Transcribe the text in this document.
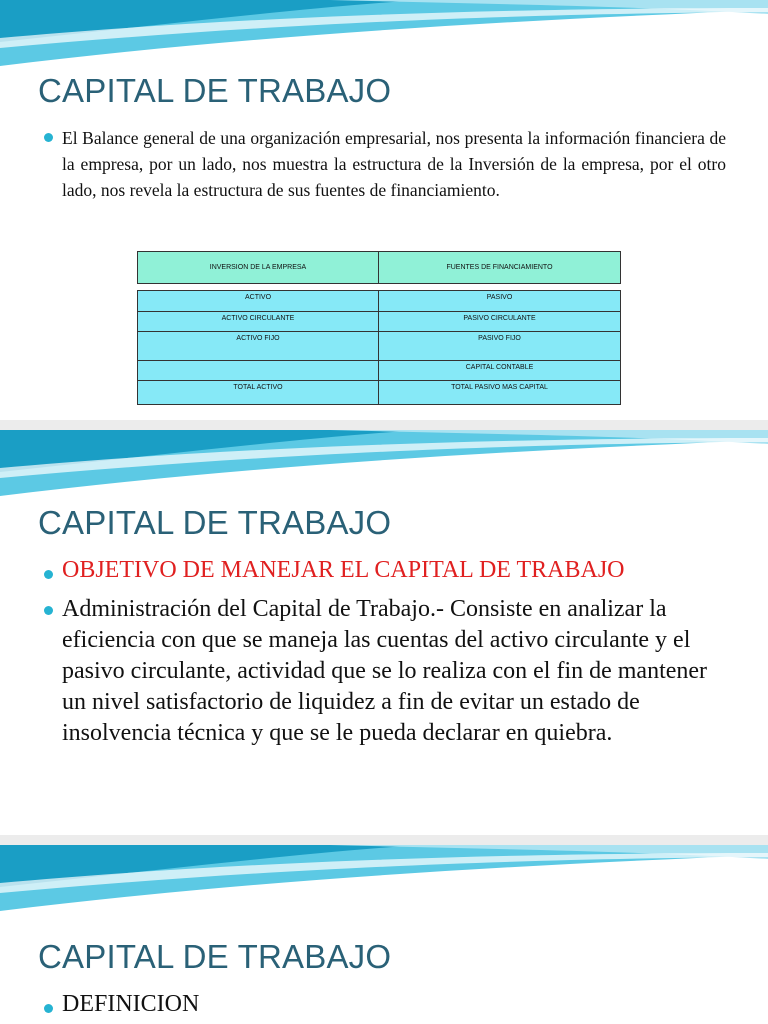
CAPITAL DE TRABAJO
El Balance general de una organización empresarial, nos presenta la información financiera de la empresa, por un lado, nos muestra la estructura de la Inversión de la empresa, por el otro lado, nos revela la estructura de sus fuentes de financiamiento.
INVERSION DE LA EMPRESA	FUENTES DE FINANCIAMIENTO
ACTIVO	PASIVO
ACTIVO CIRCULANTE	PASIVO CIRCULANTE
ACTIVO FIJO	PASIVO FIJO
	CAPITAL CONTABLE
TOTAL ACTIVO	TOTAL PASIVO MAS CAPITAL
CAPITAL DE TRABAJO
OBJETIVO DE MANEJAR EL CAPITAL DE TRABAJO
Administración del Capital de Trabajo.- Consiste en analizar la eficiencia con que se maneja las cuentas del activo circulante y el pasivo circulante, actividad que se lo realiza con el fin de mantener un nivel satisfactorio de liquidez a fin de evitar un estado de insolvencia técnica y que se le pueda declarar en quiebra.
CAPITAL DE TRABAJO
DEFINICION
